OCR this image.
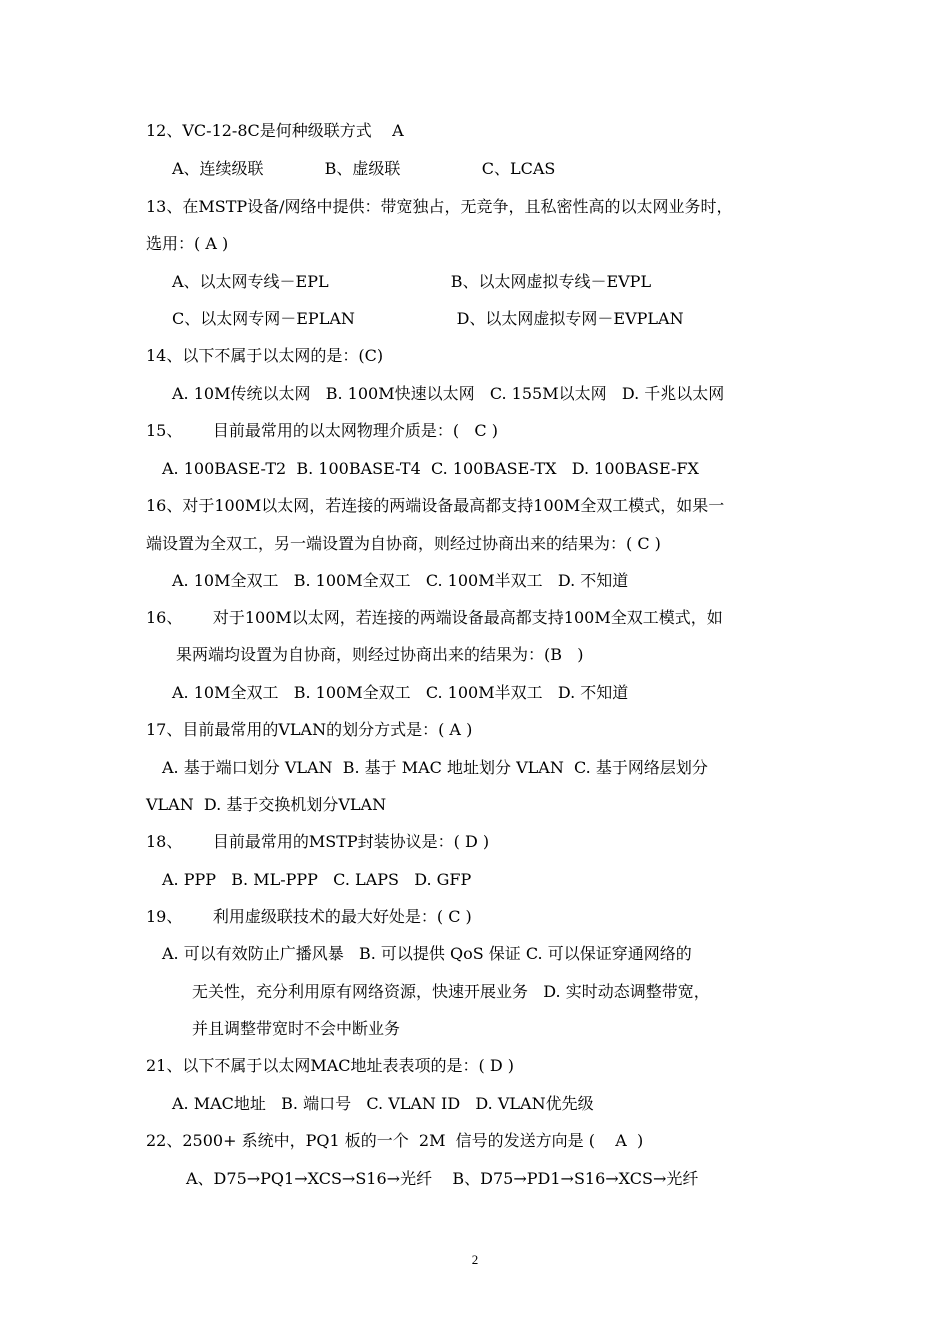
12、VC-12-8C是何种级联方式    A
A、连续级联            B、虚级联                C、LCAS
13、在MSTP设备/网络中提供：带宽独占，无竞争，且私密性高的以太网业务时，
选用：( A )
A、以太网专线－EPL                        B、以太网虚拟专线－EVPL
C、以太网专网－EPLAN                    D、以太网虚拟专网－EVPLAN
14、以下不属于以太网的是：(C)
A. 10M传统以太网   B. 100M快速以太网   C. 155M以太网   D. 千兆以太网
15、      目前最常用的以太网物理介质是：(   C )
A. 100BASE-T2  B. 100BASE-T4  C. 100BASE-TX   D. 100BASE-FX
16、对于100M以太网，若连接的两端设备最高都支持100M全双工模式，如果一
端设置为全双工，另一端设置为自协商，则经过协商出来的结果为：( C )
A. 10M全双工   B. 100M全双工   C. 100M半双工   D. 不知道
16、      对于100M以太网，若连接的两端设备最高都支持100M全双工模式，如
果两端均设置为自协商，则经过协商出来的结果为：(B   )
A. 10M全双工   B. 100M全双工   C. 100M半双工   D. 不知道
17、目前最常用的VLAN的划分方式是：( A )
A. 基于端口划分 VLAN  B. 基于 MAC 地址划分 VLAN  C. 基于网络层划分
VLAN  D. 基于交换机划分VLAN
18、      目前最常用的MSTP封装协议是：( D )
A. PPP   B. ML-PPP   C. LAPS   D. GFP
19、      利用虚级联技术的最大好处是：( C )
A. 可以有效防止广播风暴   B. 可以提供 QoS 保证 C. 可以保证穿通网络的
无关性，充分利用原有网络资源，快速开展业务   D. 实时动态调整带宽，
并且调整带宽时不会中断业务
21、以下不属于以太网MAC地址表表项的是：( D )
A. MAC地址   B. 端口号   C. VLAN ID   D. VLAN优先级
22、2500+ 系统中，PQ1 板的一个  2M  信号的发送方向是 (    A  )
A、D75→PQ1→XCS→S16→光纤    B、D75→PD1→S16→XCS→光纤
2
